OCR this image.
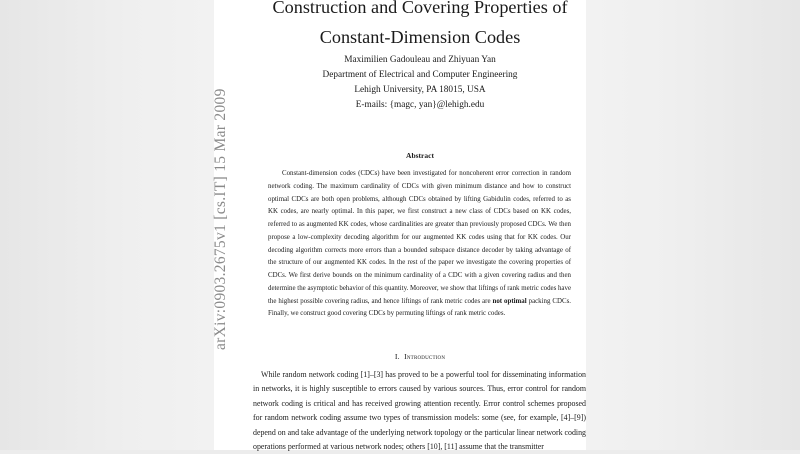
arXiv:0903.2675v1 [cs.IT] 15 Mar 2009
Construction and Covering Properties of Constant-Dimension Codes
Maximilien Gadouleau and Zhiyuan Yan
Department of Electrical and Computer Engineering
Lehigh University, PA 18015, USA
E-mails: {magc, yan}@lehigh.edu
Abstract

Constant-dimension codes (CDCs) have been investigated for noncoherent error correction in random network coding. The maximum cardinality of CDCs with given minimum distance and how to construct optimal CDCs are both open problems, although CDCs obtained by lifting Gabidulin codes, referred to as KK codes, are nearly optimal. In this paper, we first construct a new class of CDCs based on KK codes, referred to as augmented KK codes, whose cardinalities are greater than previously proposed CDCs. We then propose a low-complexity decoding algorithm for our augmented KK codes using that for KK codes. Our decoding algorithm corrects more errors than a bounded subspace distance decoder by taking advantage of the structure of our augmented KK codes. In the rest of the paper we investigate the covering properties of CDCs. We first derive bounds on the minimum cardinality of a CDC with a given covering radius and then determine the asymptotic behavior of this quantity. Moreover, we show that liftings of rank metric codes have the highest possible covering radius, and hence liftings of rank metric codes are not optimal packing CDCs. Finally, we construct good covering CDCs by permuting liftings of rank metric codes.

I. Introduction

While random network coding [1]–[3] has proved to be a powerful tool for disseminating information in networks, it is highly susceptible to errors caused by various sources. Thus, error control for random network coding is critical and has received growing attention recently. Error control schemes proposed for random network coding assume two types of transmission models: some (see, for example, [4]–[9]) depend on and take advantage of the underlying network topology or the particular linear network coding operations performed at various network nodes; others [10], [11] assume that the transmitter
